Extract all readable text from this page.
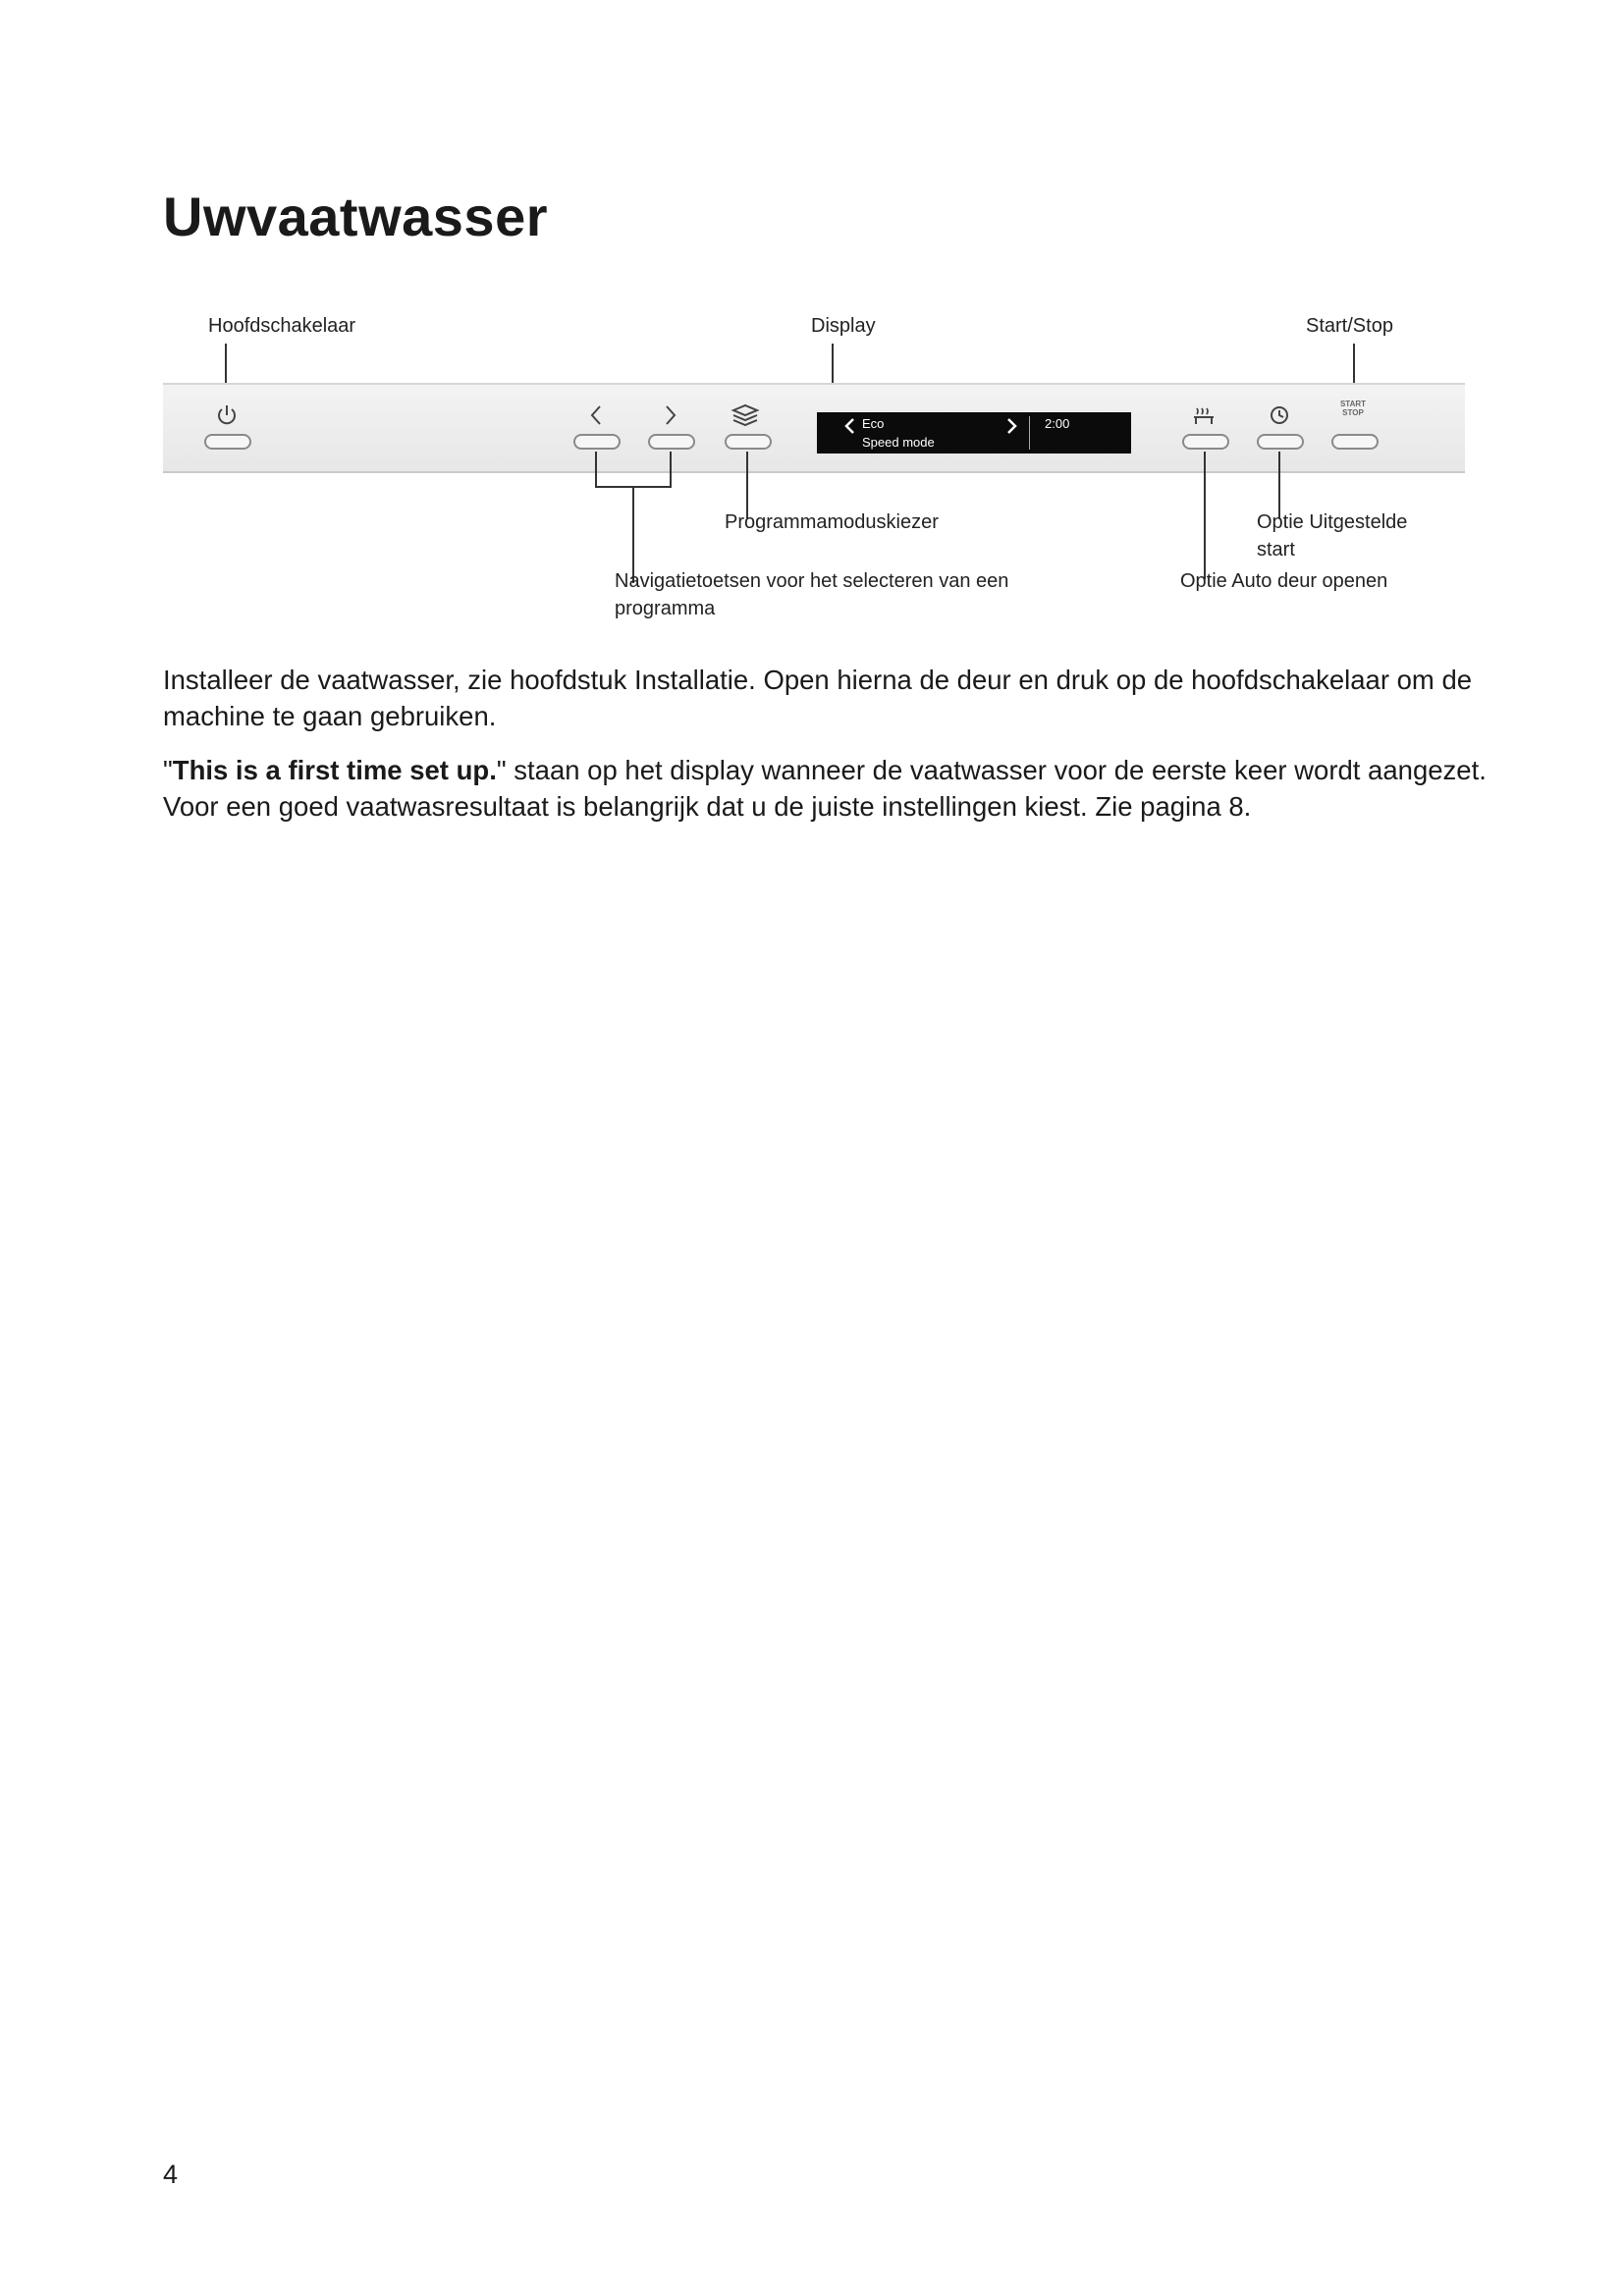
Uwvaatwasser
Hoofdschakelaar	Display	Start/Stop
Eco
Speed mode
2:00
START
STOP
Programmamoduskiezer	Optie Uitgestelde
start
Navigatietoetsen voor het selecteren van een
programma
Optie Auto deur openen

Installeer de vaatwasser, zie hoofdstuk Installatie. Open hierna de deur en druk op de hoofdschakelaar om de machine te gaan gebruiken.

"This is a first time set up." staan op het display wanneer de vaatwasser voor de eerste keer wordt aangezet. Voor een goed vaatwasresultaat is belangrijk dat u de juiste instellingen kiest. Zie pagina 8.

4
